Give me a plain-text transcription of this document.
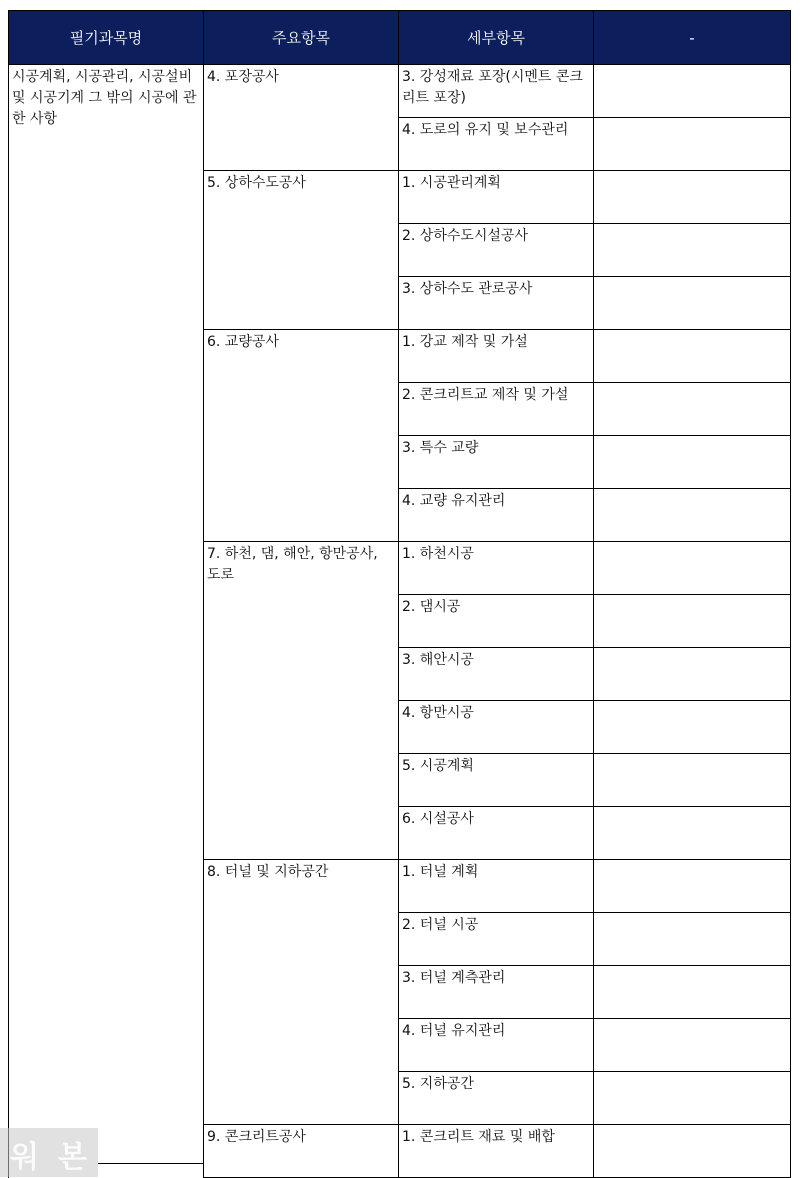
필기과목명	주요항목	세부항목	-
시공계획, 시공관리, 시공설비 및 시공기계 그 밖의 시공에 관한 사항	4. 포장공사	3. 강성재료 포장(시멘트 콘크리트 포장)	
		4. 도로의 유지 및 보수관리	
	5. 상하수도공사	1. 시공관리계획	
		2. 상하수도시설공사	
		3. 상하수도 관로공사	
	6. 교량공사	1. 강교 제작 및 가설	
		2. 콘크리트교 제작 및 가설	
		3. 특수 교량	
		4. 교량 유지관리	
	7. 하천, 댐, 해안, 항만공사, 도로	1. 하천시공	
		2. 댐시공	
		3. 해안시공	
		4. 항만시공	
		5. 시공계획	
		6. 시설공사	
	8. 터널 및 지하공간	1. 터널 계획	
		2. 터널 시공	
		3. 터널 계측관리	
		4. 터널 유지관리	
		5. 지하공간	
	9. 콘크리트공사	1. 콘크리트 재료 및 배합	
워 본
